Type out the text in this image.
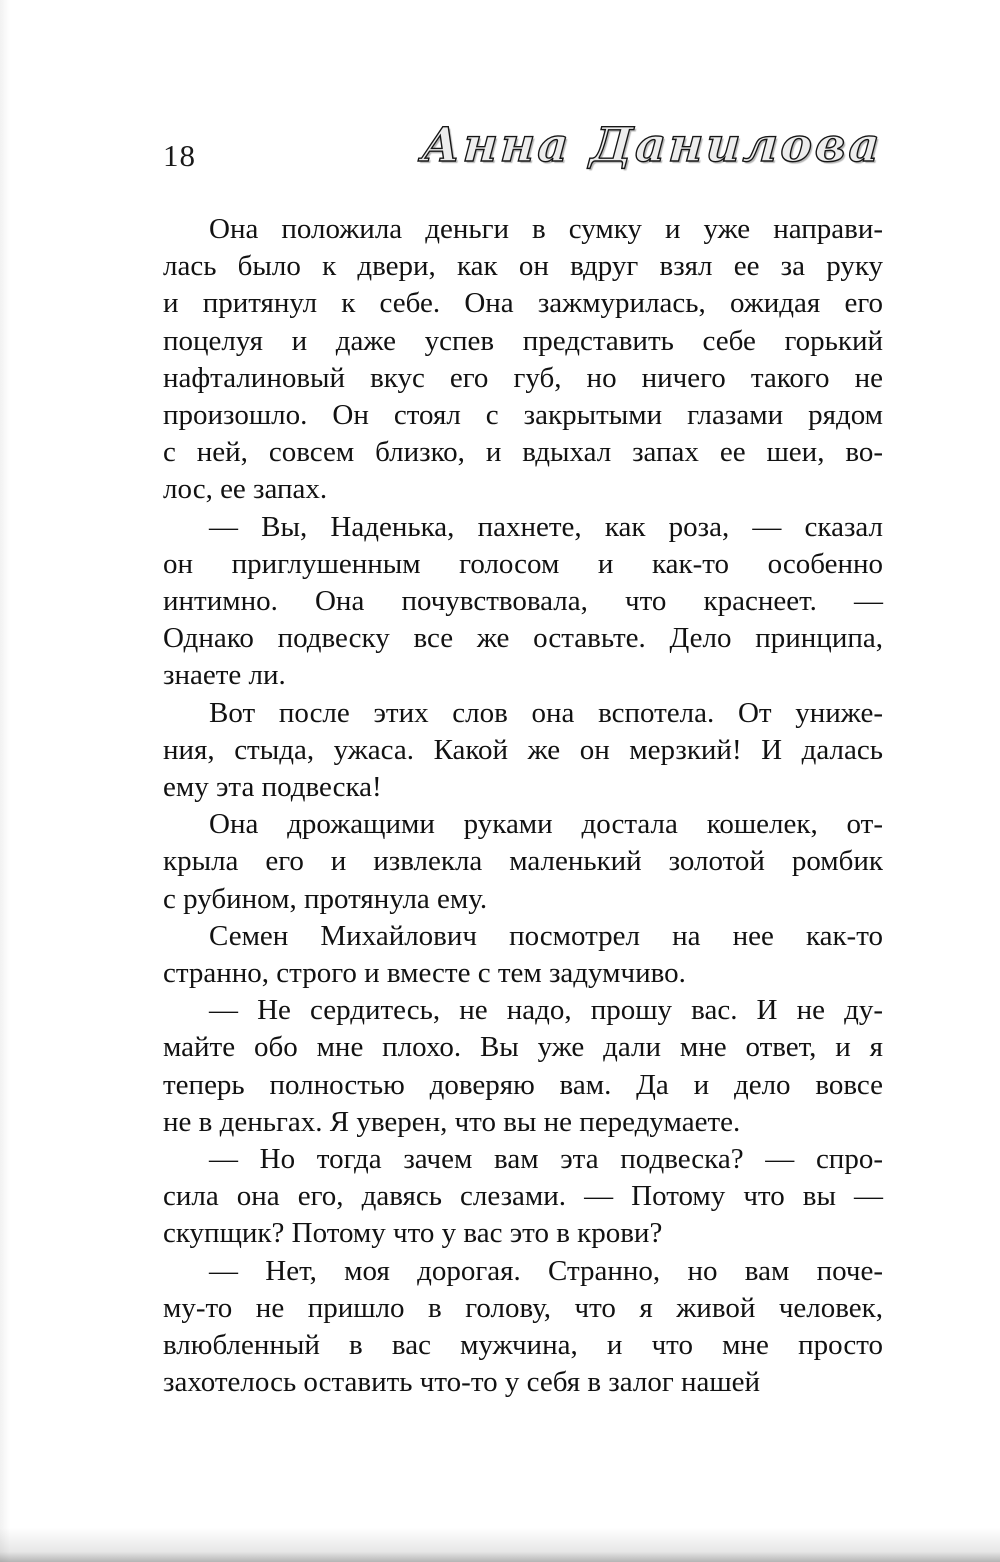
18	Анна Данилова
Она положила деньги в сумку и уже направи-
лась было к двери, как он вдруг взял ее за руку
и притянул к себе. Она зажмурилась, ожидая его
поцелуя и даже успев представить себе горький
нафталиновый вкус его губ, но ничего такого не
произошло. Он стоял с закрытыми глазами рядом
с ней, совсем близко, и вдыхал запах ее шеи, во-
лос, ее запах.
— Вы, Наденька, пахнете, как роза, — сказал
он приглушенным голосом и как-то особенно
интимно. Она почувствовала, что краснеет. —
Однако подвеску все же оставьте. Дело принципа,
знаете ли.
Вот после этих слов она вспотела. От униже-
ния, стыда, ужаса. Какой же он мерзкий! И далась
ему эта подвеска!
Она дрожащими руками достала кошелек, от-
крыла его и извлекла маленький золотой ромбик
с рубином, протянула ему.
Семен Михайлович посмотрел на нее как-то
странно, строго и вместе с тем задумчиво.
— Не сердитесь, не надо, прошу вас. И не ду-
майте обо мне плохо. Вы уже дали мне ответ, и я
теперь полностью доверяю вам. Да и дело вовсе
не в деньгах. Я уверен, что вы не передумаете.
— Но тогда зачем вам эта подвеска? — спро-
сила она его, давясь слезами. — Потому что вы —
скупщик? Потому что у вас это в крови?
— Нет, моя дорогая. Странно, но вам поче-
му-то не пришло в голову, что я живой человек,
влюбленный в вас мужчина, и что мне просто
захотелось оставить что-то у себя в залог нашей
